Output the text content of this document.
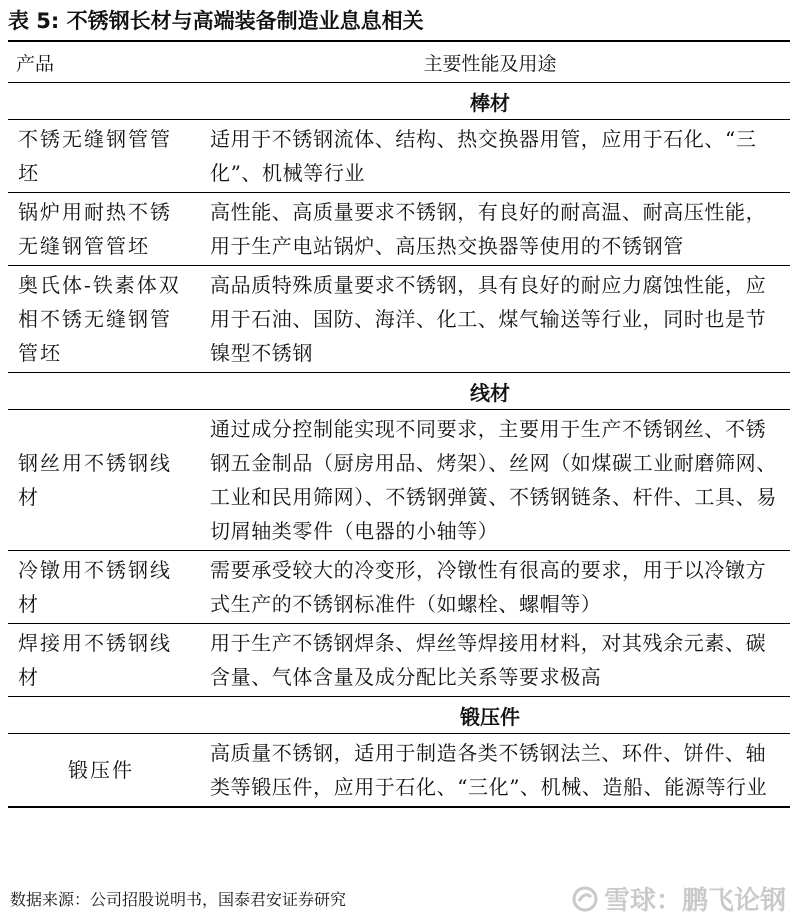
表 5: 不锈钢长材与高端装备制造业息息相关
产品	主要性能及用途
	棒材
不锈无缝钢管管坯	适用于不锈钢流体、结构、热交换器用管，应用于石化、“三化”、机械等行业
锅炉用耐热不锈无缝钢管管坯	高性能、高质量要求不锈钢，有良好的耐高温、耐高压性能，用于生产电站锅炉、高压热交换器等使用的不锈钢管
奥氏体-铁素体双相不锈无缝钢管管坯	高品质特殊质量要求不锈钢，具有良好的耐应力腐蚀性能，应用于石油、国防、海洋、化工、煤气输送等行业，同时也是节镍型不锈钢
	线材
钢丝用不锈钢线材	通过成分控制能实现不同要求，主要用于生产不锈钢丝、不锈钢五金制品（厨房用品、烤架）、丝网（如煤碳工业耐磨筛网、工业和民用筛网）、不锈钢弹簧、不锈钢链条、杆件、工具、易切屑轴类零件（电器的小轴等）
冷镦用不锈钢线材	需要承受较大的冷变形，冷镦性有很高的要求，用于以冷镦方式生产的不锈钢标准件（如螺栓、螺帽等）
焊接用不锈钢线材	用于生产不锈钢焊条、焊丝等焊接用材料，对其残余元素、碳含量、气体含量及成分配比关系等要求极高
	锻压件
锻压件	高质量不锈钢，适用于制造各类不锈钢法兰、环件、饼件、轴类等锻压件，应用于石化、“三化”、机械、造船、能源等行业
数据来源：公司招股说明书，国泰君安证券研究	雪球：鹏飞论钢
